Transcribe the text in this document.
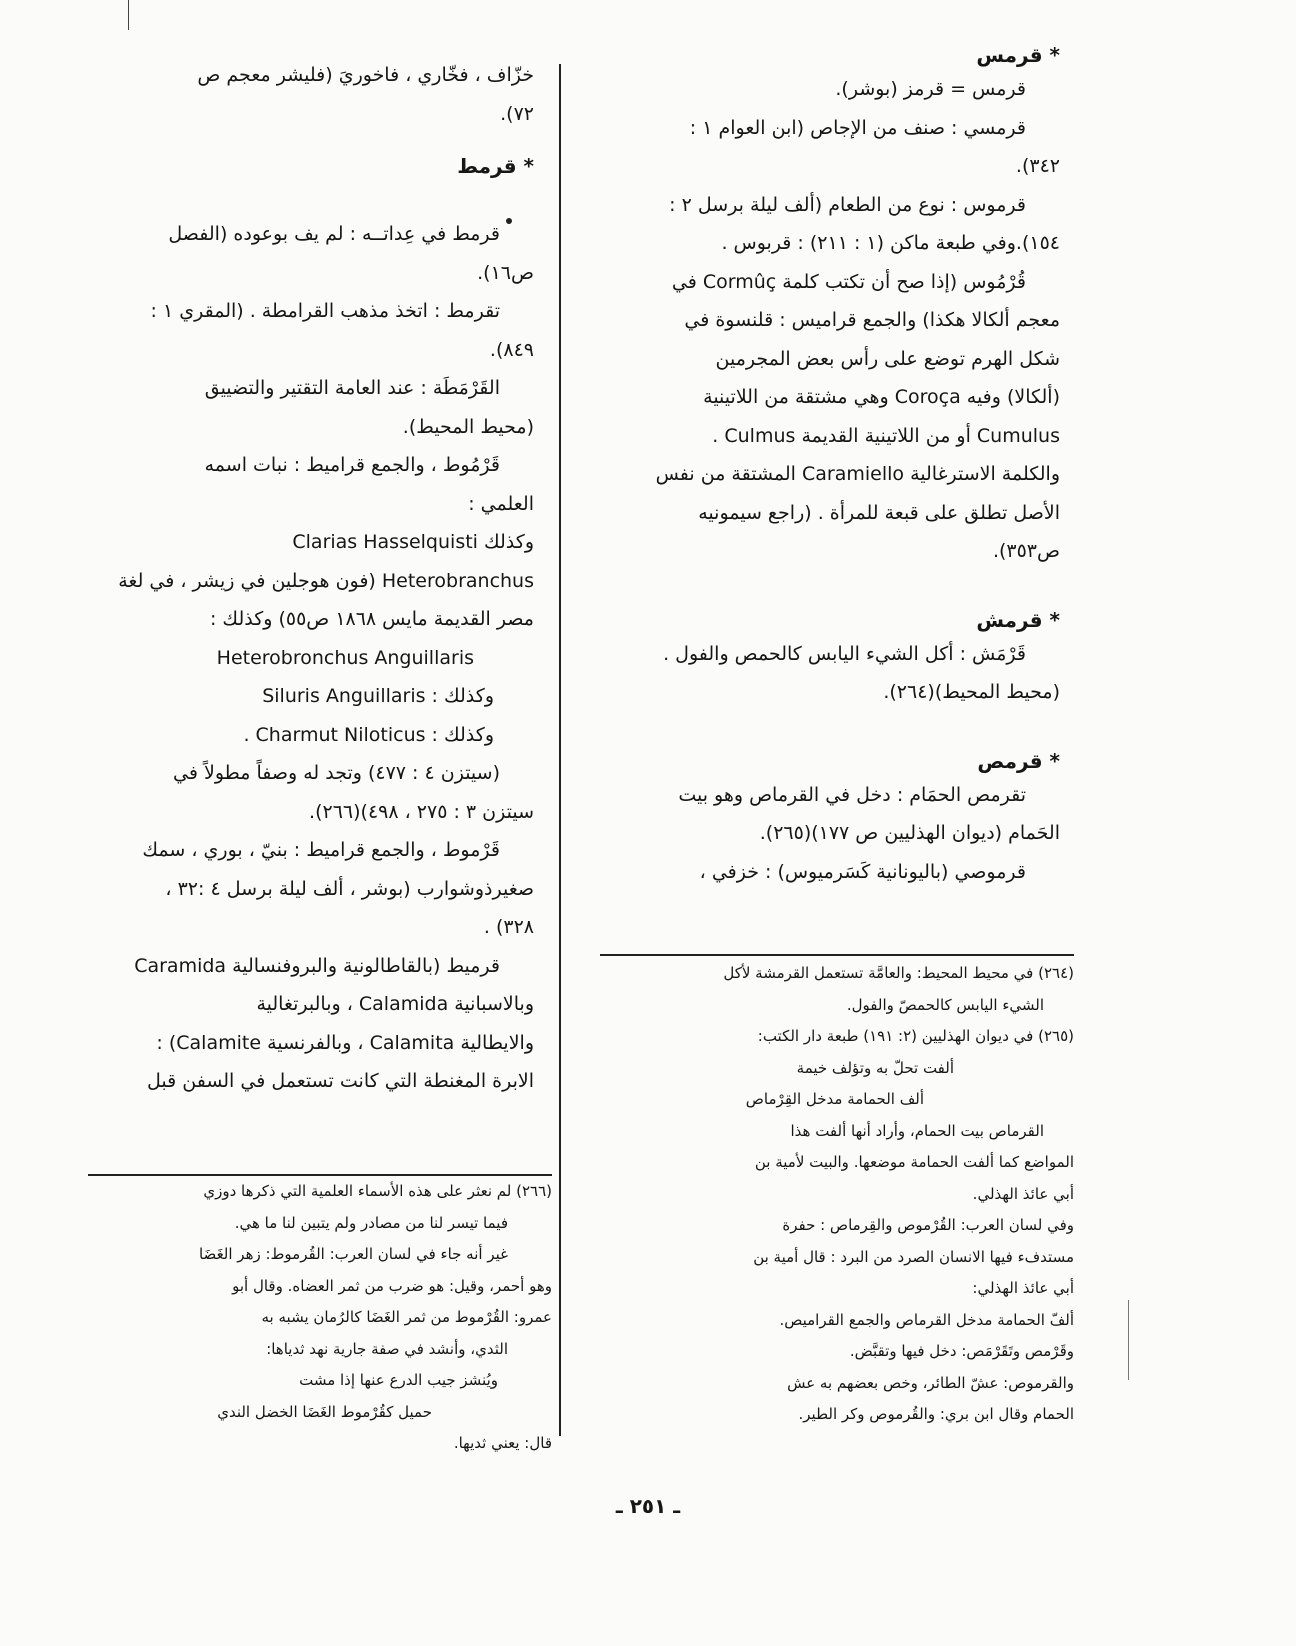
* قرمس

قرمس = قرمز (بوشر).

قرمسي : صنف من الإجاص (ابن العوام ١ :

٣٤٢).

قرموس : نوع من الطعام (ألف ليلة برسل ٢ :

١٥٤).وفي طبعة ماكن (١ : ٢١١) : قربوس .

قُرْمُوس (إذا صح أن تكتب كلمة Cormûç في

معجم ألكالا هكذا) والجمع قراميس : قلنسوة في

شكل الهرم توضع على رأس بعض المجرمين

(ألكالا) وفيه Coroça وهي مشتقة من اللاتينية

Cumulus أو من اللاتينية القديمة Culmus .

والكلمة الاسترغالية Caramiello المشتقة من نفس

الأصل تطلق على قبعة للمرأة . (راجع سيمونيه

ص٣٥٣).

* قرمش

قَرْمَش : أكل الشيء اليابس كالحمص والفول .

(محيط المحيط)(٢٦٤).

* قرمص

تقرمص الحمَام : دخل في القرماص وهو بيت

الحَمام (ديوان الهذليين ص ١٧٧)(٢٦٥).

قرموصي (باليونانية كَسَرميوس) : خزفي ،

(٢٦٤) في محيط المحيط: والعامَّة تستعمل القرمشة لأكل

الشيء اليابس كالحمصّ والفول.

(٢٦٥) في ديوان الهذليين (٢: ١٩١) طبعة دار الكتب:

ألفت تحلّ به وتؤلف خيمة

ألف الحمامة مدخل القِرْماص

القرماص بيت الحمام، وأراد أنها ألفت هذا

المواضع كما ألفت الحمامة موضعها. والبيت لأمية بن

أبي عائذ الهذلي.

وفي لسان العرب: القُرْموص والقِرماص : حفرة

مستدفء فيها الانسان الصرد من البرد : قال أمية بن

أبي عائذ الهذلي:

ألفّ الحمامة مدخل القرماص والجمع القراميص.

وقَرْمص وتَقَرْمَص: دخل فيها وتقبَّض.

والقرموص: عشّ الطائر، وخص بعضهم به عش

الحمام وقال ابن بري: والقُرموص وكر الطير.

خزّاف ، فخّاري ، فاخوريَ (فليشر معجم ص

٧٢).

* قرمط

قرمط في عِداتــه : لم يف بوعوده (الفصل

ص١٦).

تقرمط : اتخذ مذهب القرامطة . (المقري ١ :

٨٤٩).

القَرْمَطَة : عند العامة التقتير والتضييق

(محيط المحيط).

قَرْمُوط ، والجمع قراميط : نبات اسمه

العلمي :

وكذلك Clarias Hasselquisti

Heterobranchus (فون هوجلين في زيشر ، في لغة

مصر القديمة مايس ١٨٦٨ ص٥٥) وكذلك :

Heterobronchus Anguillaris

وكذلك : Siluris Anguillaris

وكذلك : Charmut Niloticus .

(سيتزن ٤ : ٤٧٧) وتجد له وصفاً مطولاً في

سيتزن ٣ : ٢٧٥ ، ٤٩٨)(٢٦٦).

قَرْموط ، والجمع قراميط : بنيّ ، بوري ، سمك

صغيرذوشوارب (بوشر ، ألف ليلة برسل ٤ :٣٢ ،

٣٢٨) .

قرميط (بالقاطالونية والبروفنسالية Caramida

وبالاسبانية Calamida ، وبالبرتغالية

والايطالية Calamita ، وبالفرنسية Calamite) :

الابرة المغنطة التي كانت تستعمل في السفن قبل

(٢٦٦) لم نعثر على هذه الأسماء العلمية التي ذكرها دوزي

فيما تيسر لنا من مصادر ولم يتبين لنا ما هي.

غير أنه جاء في لسان العرب: القُرموط: زهر الغَضَا

وهو أحمر، وقيل: هو ضرب من ثمر العضاه. وقال أبو

عمرو: القُرْموط من ثمر الغَضَا كالرُمان يشبه به

الثدي، وأنشد في صفة جارية نهد ثدياها:

ويُنشز جيب الدرع عنها إذا مشت

حميل كقُرْموط الغَضَا الخضل الندي

قال: يعني ثديها.

ـ ٢٥١ ـ
